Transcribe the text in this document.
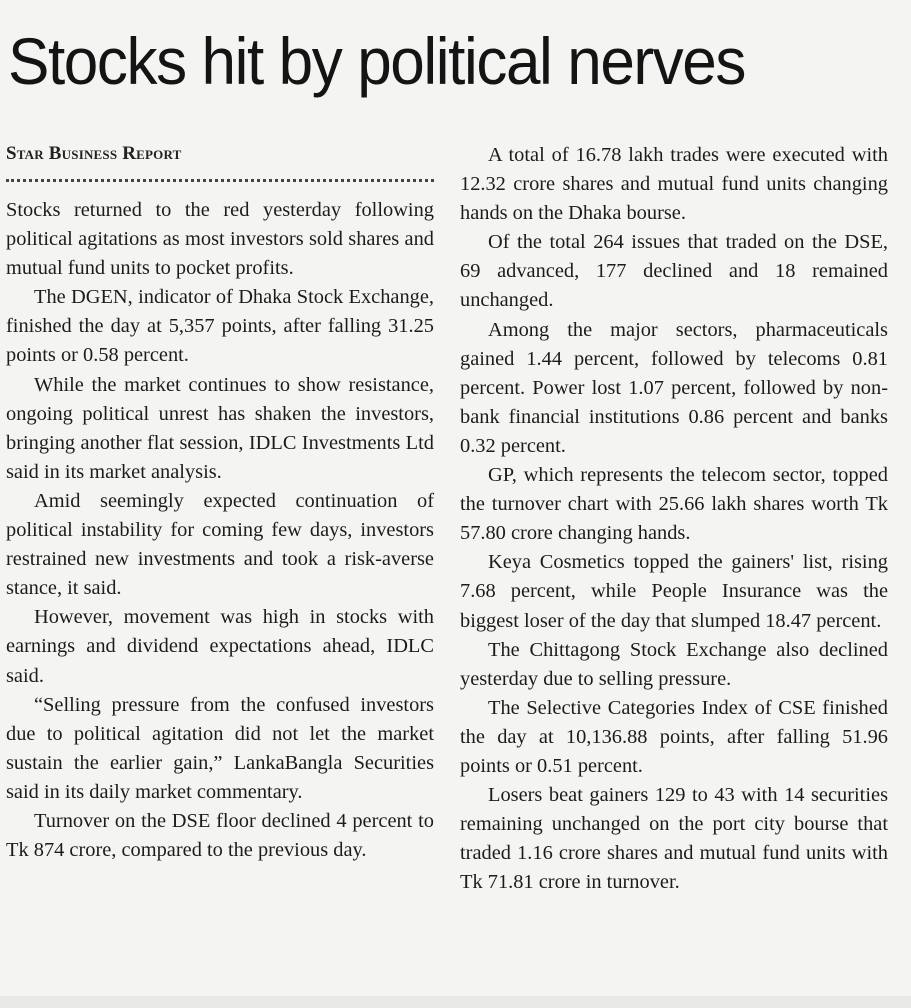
Stocks hit by political nerves
Star Business Report

Stocks returned to the red yesterday following political agitations as most investors sold shares and mutual fund units to pocket profits.

The DGEN, indicator of Dhaka Stock Exchange, finished the day at 5,357 points, after falling 31.25 points or 0.58 percent.

While the market continues to show resistance, ongoing political unrest has shaken the investors, bringing another flat session, IDLC Investments Ltd said in its market analysis.

Amid seemingly expected continuation of political instability for coming few days, investors restrained new investments and took a risk-averse stance, it said.

However, movement was high in stocks with earnings and dividend expectations ahead, IDLC said.

“Selling pressure from the confused investors due to political agitation did not let the market sustain the earlier gain,” LankaBangla Securities said in its daily market commentary.

Turnover on the DSE floor declined 4 percent to Tk 874 crore, compared to the previous day.

A total of 16.78 lakh trades were executed with 12.32 crore shares and mutual fund units changing hands on the Dhaka bourse.

Of the total 264 issues that traded on the DSE, 69 advanced, 177 declined and 18 remained unchanged.

Among the major sectors, pharmaceuticals gained 1.44 percent, followed by telecoms 0.81 percent. Power lost 1.07 percent, followed by non-bank financial institutions 0.86 percent and banks 0.32 percent.

GP, which represents the telecom sector, topped the turnover chart with 25.66 lakh shares worth Tk 57.80 crore changing hands.

Keya Cosmetics topped the gainers' list, rising 7.68 percent, while People Insurance was the biggest loser of the day that slumped 18.47 percent.

The Chittagong Stock Exchange also declined yesterday due to selling pressure.

The Selective Categories Index of CSE finished the day at 10,136.88 points, after falling 51.96 points or 0.51 percent.

Losers beat gainers 129 to 43 with 14 securities remaining unchanged on the port city bourse that traded 1.16 crore shares and mutual fund units with Tk 71.81 crore in turnover.
